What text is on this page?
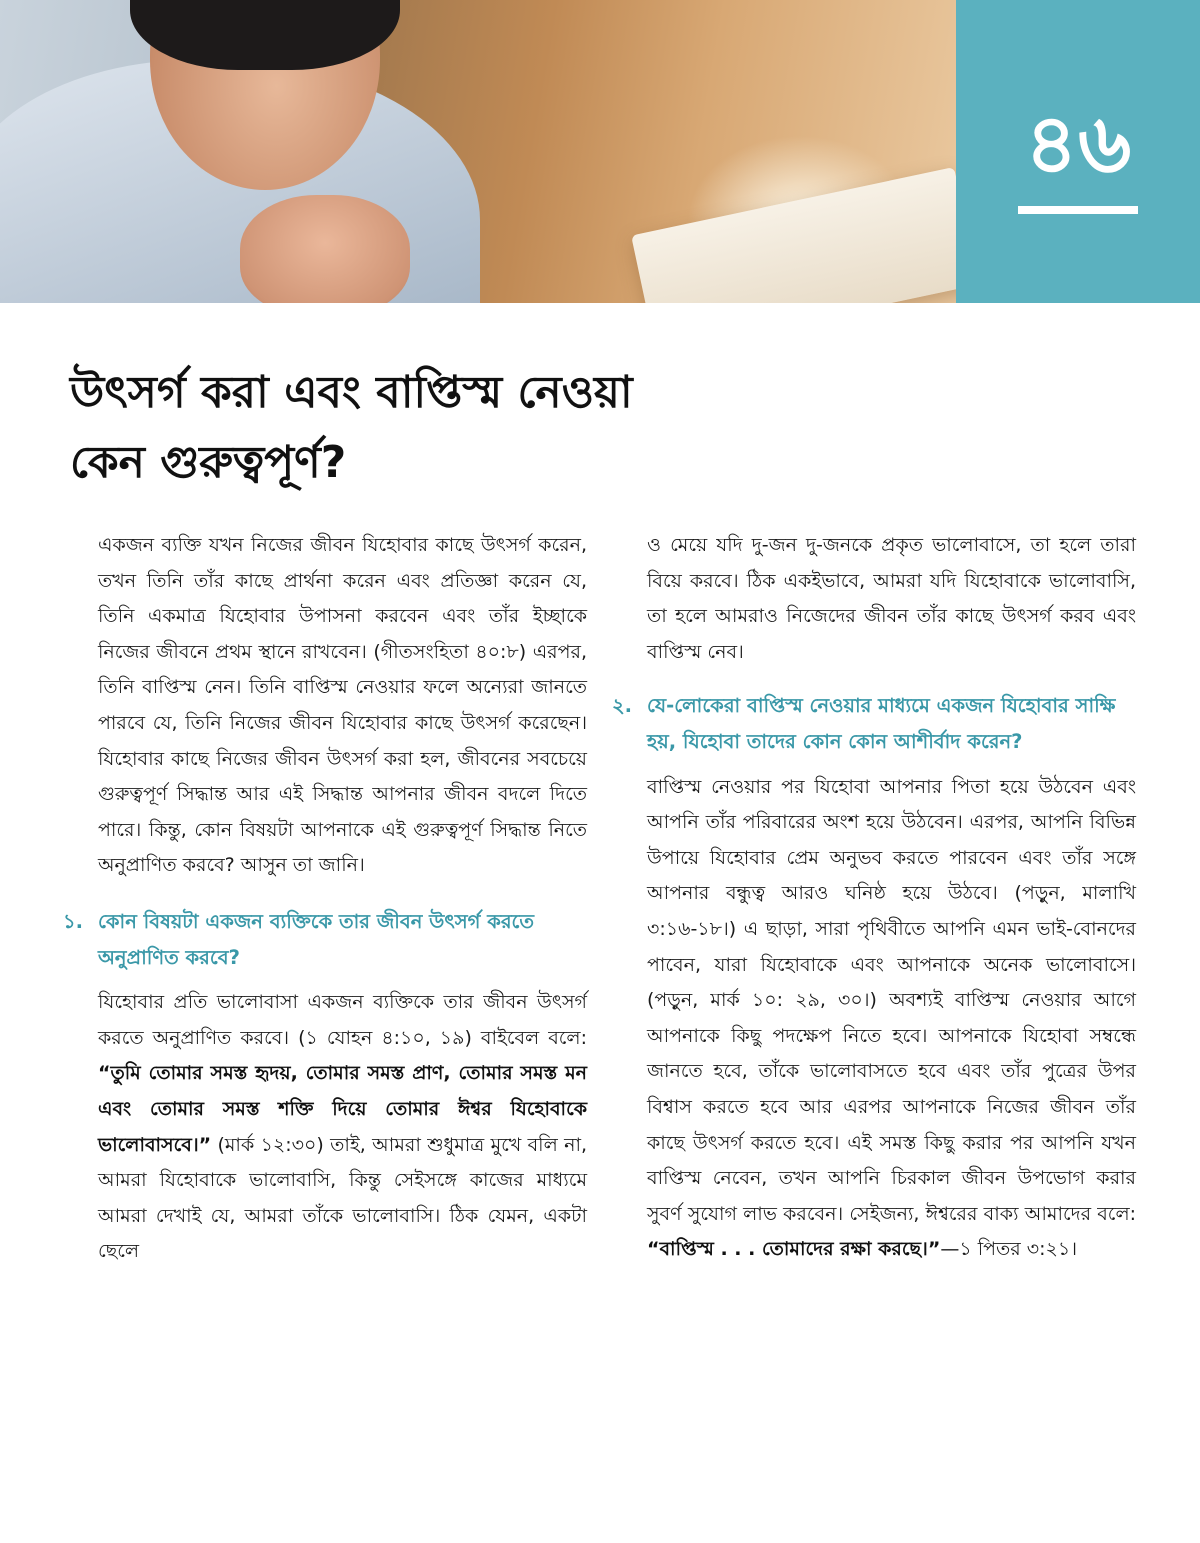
৪৬
উৎসর্গ করা এবং বাপ্তিস্ম নেওয়া কেন গুরুত্বপূর্ণ?

একজন ব্যক্তি যখন নিজের জীবন যিহোবার কাছে উৎসর্গ করেন, তখন তিনি তাঁর কাছে প্রার্থনা করেন এবং প্রতিজ্ঞা করেন যে, তিনি একমাত্র যিহোবার উপাসনা করবেন এবং তাঁর ইচ্ছাকে নিজের জীবনে প্রথম স্থানে রাখবেন। (গীতসংহিতা ৪০:৮) এরপর, তিনি বাপ্তিস্ম নেন। তিনি বাপ্তিস্ম নেওয়ার ফলে অন্যেরা জানতে পারবে যে, তিনি নিজের জীবন যিহোবার কাছে উৎসর্গ করেছেন। যিহোবার কাছে নিজের জীবন উৎসর্গ করা হল, জীবনের সবচেয়ে গুরুত্বপূর্ণ সিদ্ধান্ত আর এই সিদ্ধান্ত আপনার জীবন বদলে দিতে পারে। কিন্তু, কোন বিষয়টা আপনাকে এই গুরুত্বপূর্ণ সিদ্ধান্ত নিতে অনুপ্রাণিত করবে? আসুন তা জানি।

১. কোন বিষয়টা একজন ব্যক্তিকে তার জীবন উৎসর্গ করতে অনুপ্রাণিত করবে?

যিহোবার প্রতি ভালোবাসা একজন ব্যক্তিকে তার জীবন উৎসর্গ করতে অনুপ্রাণিত করবে। (১ যোহন ৪:১০, ১৯) বাইবেল বলে: “তুমি তোমার সমস্ত হৃদয়, তোমার সমস্ত প্রাণ, তোমার সমস্ত মন এবং তোমার সমস্ত শক্তি দিয়ে তোমার ঈশ্বর যিহোবাকে ভালোবাসবে।” (মার্ক ১২:৩০) তাই, আমরা শুধুমাত্র মুখে বলি না, আমরা যিহোবাকে ভালোবাসি, কিন্তু সেইসঙ্গে কাজের মাধ্যমে আমরা দেখাই যে, আমরা তাঁকে ভালোবাসি। ঠিক যেমন, একটা ছেলে

ও মেয়ে যদি দু-জন দু-জনকে প্রকৃত ভালোবাসে, তা হলে তারা বিয়ে করবে। ঠিক একইভাবে, আমরা যদি যিহোবাকে ভালোবাসি, তা হলে আমরাও নিজেদের জীবন তাঁর কাছে উৎসর্গ করব এবং বাপ্তিস্ম নেব।

২. যে-লোকেরা বাপ্তিস্ম নেওয়ার মাধ্যমে একজন যিহোবার সাক্ষি হয়, যিহোবা তাদের কোন কোন আশীর্বাদ করেন?

বাপ্তিস্ম নেওয়ার পর যিহোবা আপনার পিতা হয়ে উঠবেন এবং আপনি তাঁর পরিবারের অংশ হয়ে উঠবেন। এরপর, আপনি বিভিন্ন উপায়ে যিহোবার প্রেম অনুভব করতে পারবেন এবং তাঁর সঙ্গে আপনার বন্ধুত্ব আরও ঘনিষ্ঠ হয়ে উঠবে। (পড়ুন, মালাখি ৩:১৬-১৮।) এ ছাড়া, সারা পৃথিবীতে আপনি এমন ভাই-বোনদের পাবেন, যারা যিহোবাকে এবং আপনাকে অনেক ভালোবাসে। (পড়ুন, মার্ক ১০: ২৯, ৩০।) অবশ্যই বাপ্তিস্ম নেওয়ার আগে আপনাকে কিছু পদক্ষেপ নিতে হবে। আপনাকে যিহোবা সম্বন্ধে জানতে হবে, তাঁকে ভালোবাসতে হবে এবং তাঁর পুত্রের উপর বিশ্বাস করতে হবে আর এরপর আপনাকে নিজের জীবন তাঁর কাছে উৎসর্গ করতে হবে। এই সমস্ত কিছু করার পর আপনি যখন বাপ্তিস্ম নেবেন, তখন আপনি চিরকাল জীবন উপভোগ করার সুবর্ণ সুযোগ লাভ করবেন। সেইজন্য, ঈশ্বরের বাক্য আমাদের বলে: “বাপ্তিস্ম . . . তোমাদের রক্ষা করছে।”—১ পিতর ৩:২১।
